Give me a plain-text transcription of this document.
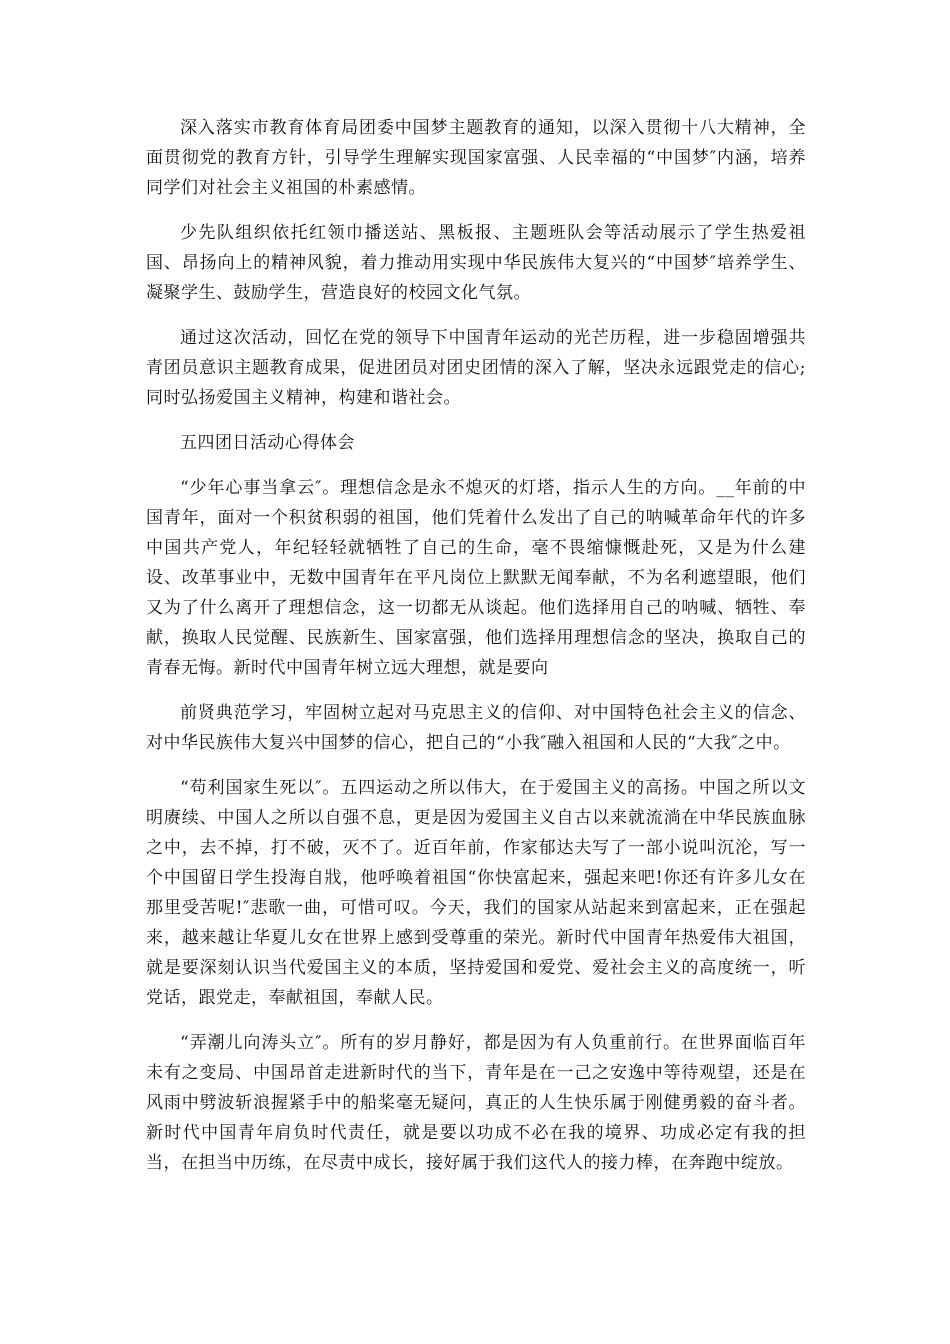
深入落实市教育体育局团委中国梦主题教育的通知，以深入贯彻十八大精神，全面贯彻党的教育方针，引导学生理解实现国家富强、人民幸福的“中国梦″内涵，培养同学们对社会主义祖国的朴素感情。

少先队组织依托红领巾播送站、黑板报、主题班队会等活动展示了学生热爱祖国、昂扬向上的精神风貌，着力推动用实现中华民族伟大复兴的“中国梦″培养学生、凝聚学生、鼓励学生，营造良好的校园文化气氛。

通过这次活动，回忆在党的领导下中国青年运动的光芒历程，进一步稳固增强共青团员意识主题教育成果，促进团员对团史团情的深入了解，坚决永远跟党走的信心;同时弘扬爱国主义精神，构建和谐社会。

五四团日活动心得体会

“少年心事当拿云″。理想信念是永不熄灭的灯塔，指示人生的方向。__年前的中国青年，面对一个积贫积弱的祖国，他们凭着什么发出了自己的呐喊革命年代的许多中国共产党人，年纪轻轻就牺牲了自己的生命，毫不畏缩慷慨赴死，又是为什么建设、改革事业中，无数中国青年在平凡岗位上默默无闻奉献，不为名利遮望眼，他们又为了什么离开了理想信念，这一切都无从谈起。他们选择用自己的呐喊、牺牲、奉献，换取人民觉醒、民族新生、国家富强，他们选择用理想信念的坚决，换取自己的青春无悔。新时代中国青年树立远大理想，就是要向

前贤典范学习，牢固树立起对马克思主义的信仰、对中国特色社会主义的信念、对中华民族伟大复兴中国梦的信心，把自己的“小我″融入祖国和人民的“大我″之中。

“苟利国家生死以″。五四运动之所以伟大，在于爱国主义的高扬。中国之所以文明赓续、中国人之所以自强不息，更是因为爱国主义自古以来就流淌在中华民族血脉之中，去不掉，打不破，灭不了。近百年前，作家郁达夫写了一部小说叫沉沦，写一个中国留日学生投海自戕，他呼唤着祖国“你快富起来，强起来吧!你还有许多儿女在那里受苦呢!″悲歌一曲，可惜可叹。今天，我们的国家从站起来到富起来，正在强起来，越来越让华夏儿女在世界上感到受尊重的荣光。新时代中国青年热爱伟大祖国，就是要深刻认识当代爱国主义的本质，坚持爱国和爱党、爱社会主义的高度统一，听党话，跟党走，奉献祖国，奉献人民。

“弄潮儿向涛头立″。所有的岁月静好，都是因为有人负重前行。在世界面临百年未有之变局、中国昂首走进新时代的当下，青年是在一己之安逸中等待观望，还是在风雨中劈波斩浪握紧手中的船桨毫无疑问，真正的人生快乐属于刚健勇毅的奋斗者。新时代中国青年肩负时代责任，就是要以功成不必在我的境界、功成必定有我的担当，在担当中历练，在尽责中成长，接好属于我们这代人的接力棒，在奔跑中绽放。
